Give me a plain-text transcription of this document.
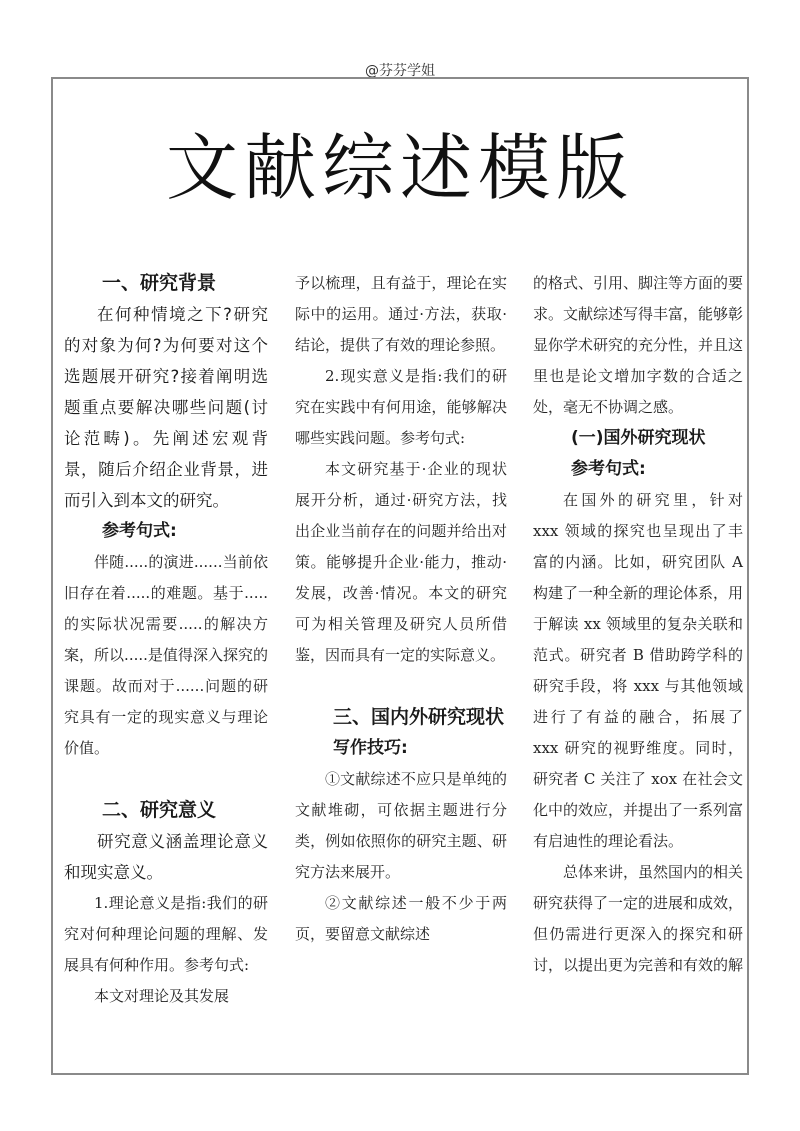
@芬芬学姐
文献综述模版

一、研究背景

在何种情境之下?研究的对象为何?为何要对这个选题展开研究?接着阐明选题重点要解决哪些问题(讨论范畴)。先阐述宏观背景，随后介绍企业背景，进而引入到本文的研究。

参考句式:

伴随.....的演进......当前依旧存在着.....的难题。基于.....的实际状况需要.....的解决方案，所以.....是值得深入探究的课题。故而对于......问题的研究具有一定的现实意义与理论价值。

二、研究意义

研究意义涵盖理论意义和现实意义。

1.理论意义是指:我们的研究对何种理论问题的理解、发展具有何种作用。参考句式:

本文对理论及其发展

予以梳理，且有益于，理论在实际中的运用。通过·方法，获取·结论，提供了有效的理论参照。

2.现实意义是指:我们的研究在实践中有何用途，能够解决哪些实践问题。参考句式:

本文研究基于·企业的现状展开分析，通过·研究方法，找出企业当前存在的问题并给出对策。能够提升企业·能力，推动·发展，改善·情况。本文的研究可为相关管理及研究人员所借鉴，因而具有一定的实际意义。

三、国内外研究现状

写作技巧:

①文献综述不应只是单纯的文献堆砌，可依据主题进行分类，例如依照你的研究主题、研究方法来展开。

②文献综述一般不少于两页，要留意文献综述

的格式、引用、脚注等方面的要求。文献综述写得丰富，能够彰显你学术研究的充分性，并且这里也是论文增加字数的合适之处，毫无不协调之感。

(一)国外研究现状

参考句式:

在国外的研究里，针对 xxx 领域的探究也呈现出了丰富的内涵。比如，研究团队 A 构建了一种全新的理论体系，用于解读 xx 领域里的复杂关联和范式。研究者 B 借助跨学科的研究手段，将 xxx 与其他领域进行了有益的融合，拓展了 xxx 研究的视野维度。同时，研究者 C 关注了 xox 在社会文化中的效应，并提出了一系列富有启迪性的理论看法。

总体来讲，虽然国内的相关研究获得了一定的进展和成效，但仍需进行更深入的探究和研讨，以提出更为完善和有效的解
